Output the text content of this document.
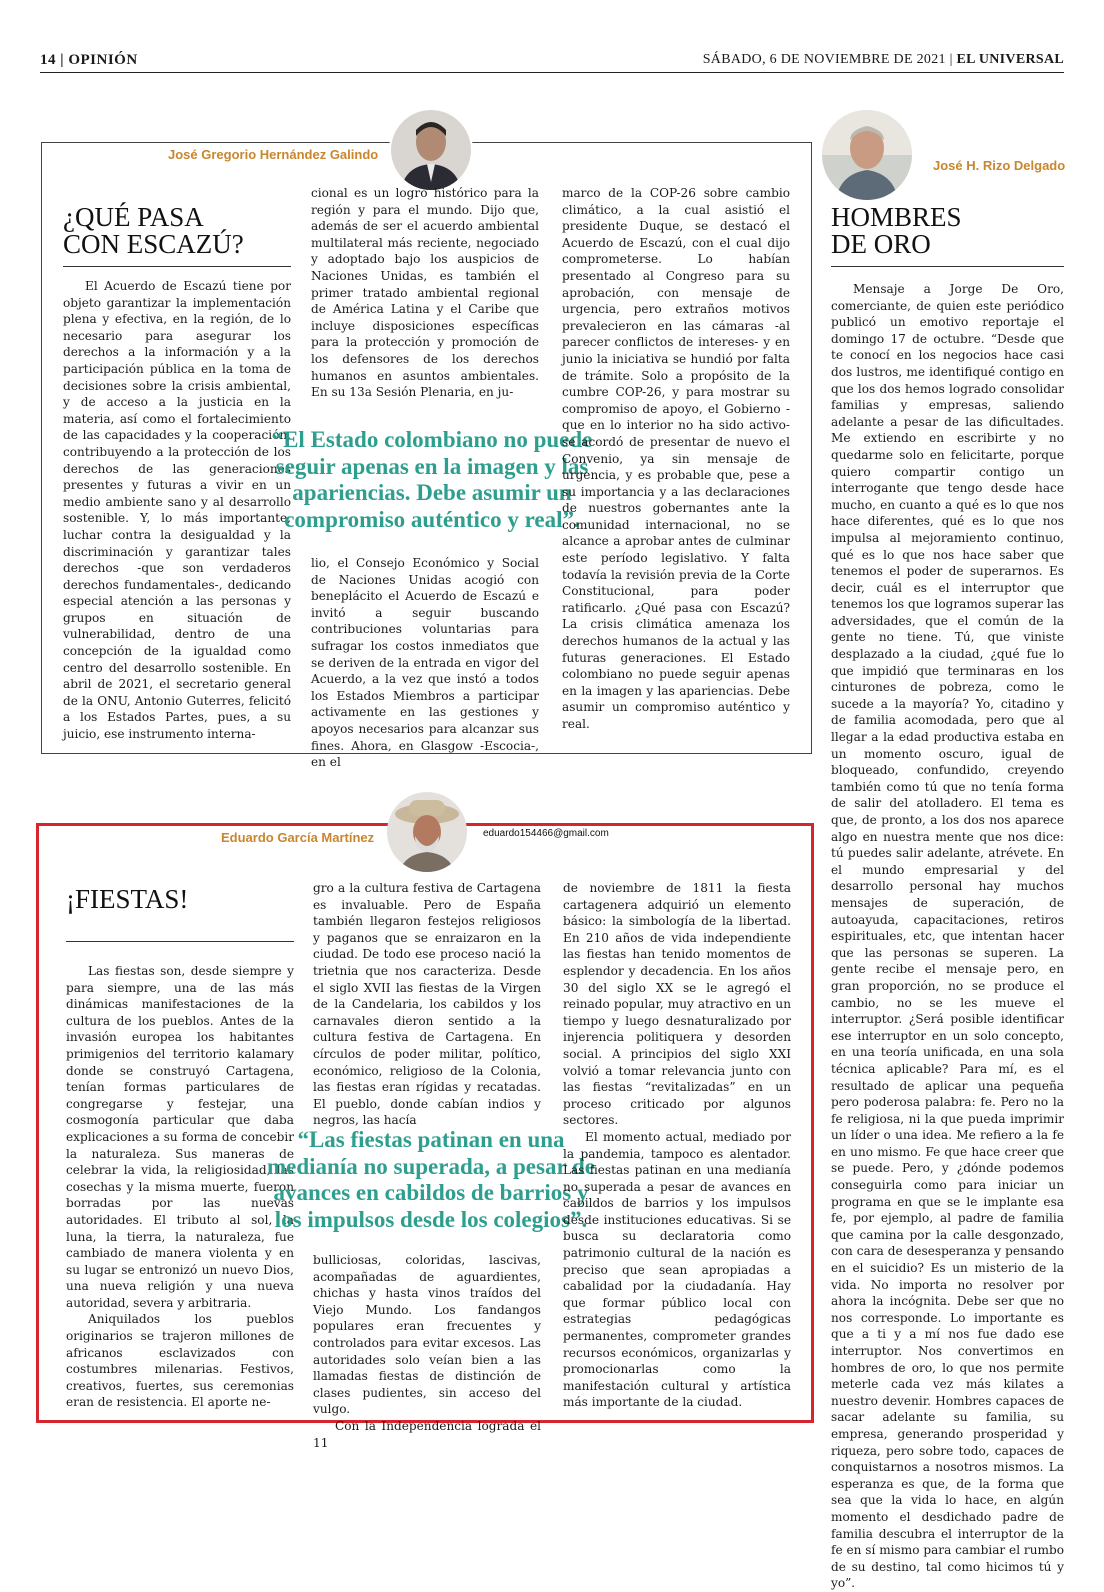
14 | OPINIÓN	SÁBADO, 6 DE NOVIEMBRE DE 2021 | EL UNIVERSAL
José Gregorio Hernández Galindo
¿QUÉ PASA
CON ESCAZÚ?

El Acuerdo de Escazú tiene por objeto garantizar la implementación plena y efectiva, en la región, de lo necesario para asegurar los derechos a la información y a la participación pública en la toma de decisiones sobre la crisis ambiental, y de acceso a la justicia en la materia, así como el fortalecimiento de las capacidades y la cooperación, contribuyendo a la protección de los derechos de las generaciones presentes y futuras a vivir en un medio ambiente sano y al desarrollo sostenible. Y, lo más importante, luchar contra la desigualdad y la discriminación y garantizar tales derechos -que son verdaderos derechos fundamentales-, dedicando especial atención a las personas y grupos en situación de vulnerabilidad, dentro de una concepción de la igualdad como centro del desarrollo sostenible. En abril de 2021, el secretario general de la ONU, Antonio Guterres, felicitó a los Estados Partes, pues, a su juicio, ese instrumento interna-

cional es un logro histórico para la región y para el mundo. Dijo que, además de ser el acuerdo ambiental multilateral más reciente, negociado y adoptado bajo los auspicios de Naciones Unidas, es también el primer tratado ambiental regional de América Latina y el Caribe que incluye disposiciones específicas para la protección y promoción de los defensores de los derechos humanos en asuntos ambientales. En su 13a Sesión Plenaria, en ju-

“El Estado colombiano no puede seguir apenas en la imagen y las apariencias. Debe asumir un compromiso auténtico y real”.

lio, el Consejo Económico y Social de Naciones Unidas acogió con beneplácito el Acuerdo de Escazú e invitó a seguir buscando contribuciones voluntarias para sufragar los costos inmediatos que se deriven de la entrada en vigor del Acuerdo, a la vez que instó a todos los Estados Miembros a participar activamente en las gestiones y apoyos necesarios para alcanzar sus fines. Ahora, en Glasgow -Escocia-, en el

marco de la COP-26 sobre cambio climático, a la cual asistió el presidente Duque, se destacó el Acuerdo de Escazú, con el cual dijo comprometerse. Lo habían presentado al Congreso para su aprobación, con mensaje de urgencia, pero extraños motivos prevalecieron en las cámaras -al parecer conflictos de intereses- y en junio la iniciativa se hundió por falta de trámite. Solo a propósito de la cumbre COP-26, y para mostrar su compromiso de apoyo, el Gobierno -que en lo interior no ha sido activo- se acordó de presentar de nuevo el Convenio, ya sin mensaje de urgencia, y es probable que, pese a su importancia y a las declaraciones de nuestros gobernantes ante la comunidad internacional, no se alcance a aprobar antes de culminar este período legislativo. Y falta todavía la revisión previa de la Corte Constitucional, para poder ratificarlo. ¿Qué pasa con Escazú? La crisis climática amenaza los derechos humanos de la actual y las futuras generaciones. El Estado colombiano no puede seguir apenas en la imagen y las apariencias. Debe asumir un compromiso auténtico y real.

José H. Rizo Delgado
HOMBRES
DE ORO

Mensaje a Jorge De Oro, comerciante, de quien este periódico publicó un emotivo reportaje el domingo 17 de octubre. “Desde que te conocí en los negocios hace casi dos lustros, me identifiqué contigo en que los dos hemos logrado consolidar familias y empresas, saliendo adelante a pesar de las dificultades. Me extiendo en escribirte y no quedarme solo en felicitarte, porque quiero compartir contigo un interrogante que tengo desde hace mucho, en cuanto a qué es lo que nos hace diferentes, qué es lo que nos impulsa al mejoramiento continuo, qué es lo que nos hace saber que tenemos el poder de superarnos. Es decir, cuál es el interruptor que tenemos los que logramos superar las adversidades, que el común de la gente no tiene. Tú, que viniste desplazado a la ciudad, ¿qué fue lo que impidió que terminaras en los cinturones de pobreza, como le sucede a la mayoría? Yo, citadino y de familia acomodada, pero que al llegar a la edad productiva estaba en un momento oscuro, igual de bloqueado, confundido, creyendo también como tú que no tenía forma de salir del atolladero. El tema es que, de pronto, a los dos nos aparece algo en nuestra mente que nos dice: tú puedes salir adelante, atrévete. En el mundo empresarial y del desarrollo personal hay muchos mensajes de superación, de autoayuda, capacitaciones, retiros espirituales, etc, que intentan hacer que las personas se superen. La gente recibe el mensaje pero, en gran proporción, no se produce el cambio, no se les mueve el interruptor. ¿Será posible identificar ese interruptor en un solo concepto, en una teoría unificada, en una sola técnica aplicable? Para mí, es el resultado de aplicar una pequeña pero poderosa palabra: fe. Pero no la fe religiosa, ni la que pueda imprimir un líder o una idea. Me refiero a la fe en uno mismo. Fe que hace creer que se puede. Pero, y ¿dónde podemos conseguirla como para iniciar un programa en que se le implante esa fe, por ejemplo, al padre de familia que camina por la calle desgonzado, con cara de desesperanza y pensando en el suicidio? Es un misterio de la vida. No importa no resolver por ahora la incógnita. Debe ser que no nos corresponde. Lo importante es que a ti y a mí nos fue dado ese interruptor. Nos convertimos en hombres de oro, lo que nos permite meterle cada vez más kilates a nuestro devenir. Hombres capaces de sacar adelante su familia, su empresa, generando prosperidad y riqueza, pero sobre todo, capaces de conquistarnos a nosotros mismos. La esperanza es que, de la forma que sea que la vida lo hace, en algún momento el desdichado padre de familia descubra el interruptor de la fe en sí mismo para cambiar el rumbo de su destino, tal como hicimos tú y yo”.

Eduardo García Martínez	eduardo154466@gmail.com
¡FIESTAS!

Las fiestas son, desde siempre y para siempre, una de las más dinámicas manifestaciones de la cultura de los pueblos. Antes de la invasión europea los habitantes primigenios del territorio kalamary donde se construyó Cartagena, tenían formas particulares de congregarse y festejar, una cosmogonía particular que daba explicaciones a su forma de concebir la naturaleza. Sus maneras de celebrar la vida, la religiosidad, las cosechas y la misma muerte, fueron borradas por las nuevas autoridades. El tributo al sol, la luna, la tierra, la naturaleza, fue cambiado de manera violenta y en su lugar se entronizó un nuevo Dios, una nueva religión y una nueva autoridad, severa y arbitraria.

Aniquilados los pueblos originarios se trajeron millones de africanos esclavizados con costumbres milenarias. Festivos, creativos, fuertes, sus ceremonias eran de resistencia. El aporte ne-

gro a la cultura festiva de Cartagena es invaluable. Pero de España también llegaron festejos religiosos y paganos que se enraizaron en la ciudad. De todo ese proceso nació la trietnia que nos caracteriza. Desde el siglo XVII las fiestas de la Virgen de la Candelaria, los cabildos y los carnavales dieron sentido a la cultura festiva de Cartagena. En círculos de poder militar, político, económico, religioso de la Colonia, las fiestas eran rígidas y recatadas. El pueblo, donde cabían indios y negros, las hacía

“Las fiestas patinan en una medianía no superada, a pesar de avances en cabildos de barrios y los impulsos desde los colegios”.

bulliciosas, coloridas, lascivas, acompañadas de aguardientes, chichas y hasta vinos traídos del Viejo Mundo. Los fandangos populares eran frecuentes y controlados para evitar excesos. Las autoridades solo veían bien a las llamadas fiestas de distinción de clases pudientes, sin acceso del vulgo.

Con la Independencia lograda el 11

de noviembre de 1811 la fiesta cartagenera adquirió un elemento básico: la simbología de la libertad. En 210 años de vida independiente las fiestas han tenido momentos de esplendor y decadencia. En los años 30 del siglo XX se le agregó el reinado popular, muy atractivo en un tiempo y luego desnaturalizado por injerencia politiquera y desorden social. A principios del siglo XXI volvió a tomar relevancia junto con las fiestas “revitalizadas” en un proceso criticado por algunos sectores.

El momento actual, mediado por la pandemia, tampoco es alentador. Las fiestas patinan en una medianía no superada a pesar de avances en cabildos de barrios y los impulsos desde instituciones educativas. Si se busca su declaratoria como patrimonio cultural de la nación es preciso que sean apropiadas a cabalidad por la ciudadanía. Hay que formar público local con estrategias pedagógicas permanentes, comprometer grandes recursos económicos, organizarlas y promocionarlas como la manifestación cultural y artística más importante de la ciudad.
